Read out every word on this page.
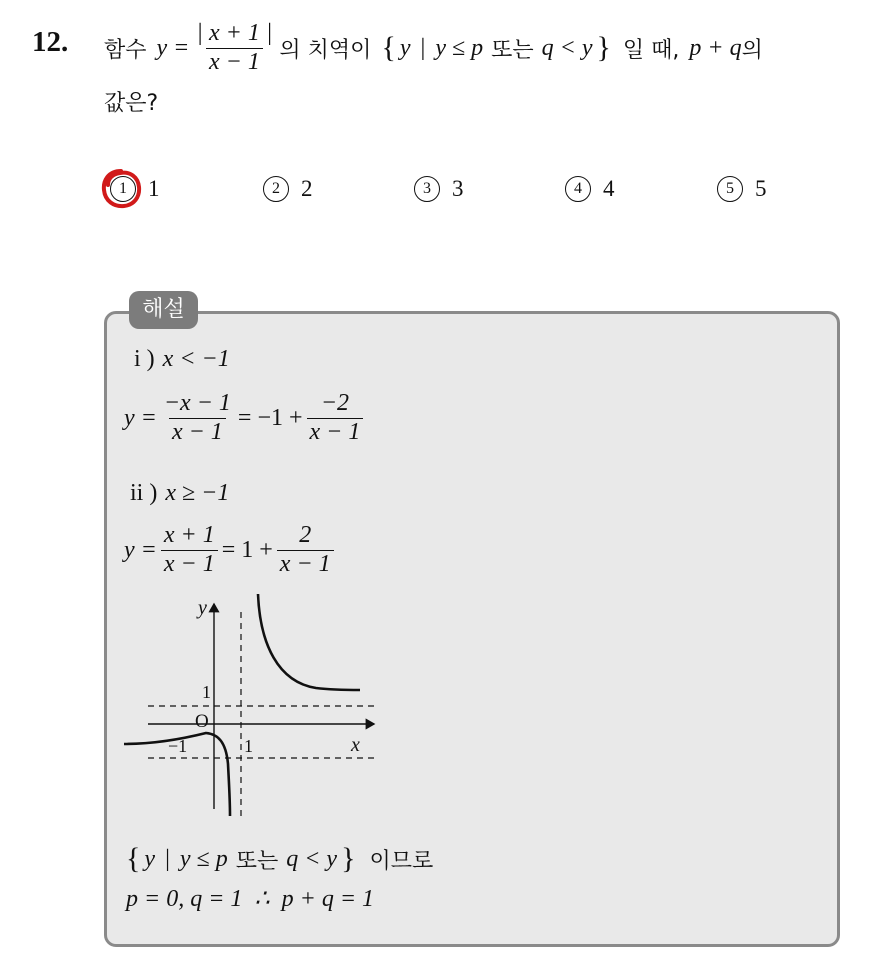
12. 함수 $y = \frac{| x + 1 |}{x - 1}$ 의 치역이 { y | y ≤ p 또는 q < y } 일 때, p + q 의
값은?
1 1	2 2	3 3	4 4	5 5
해설
i ) x < −1
$y = \frac{-x - 1}{x - 1} = -1 + \frac{-2}{x - 1}$
ii ) x ≥ −1
$y = \frac{x + 1}{x - 1} = 1 + \frac{2}{x - 1}$
y
x
O
1
−1	1
{ y | y ≤ p 또는 q < y } 이므로
p = 0, q = 1  ∴  p + q = 1
